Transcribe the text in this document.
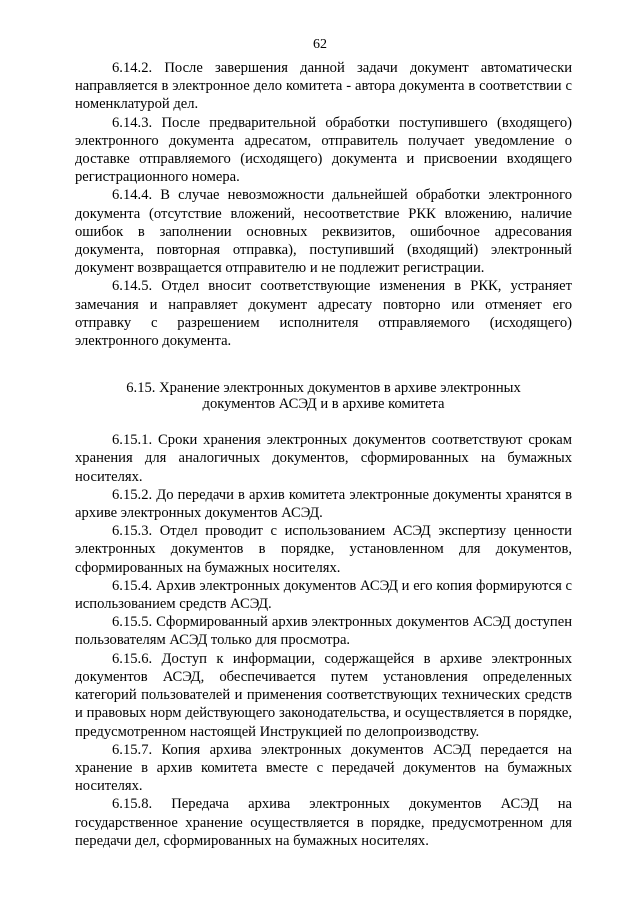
62

6.14.2. После завершения данной задачи документ автоматически направляется в электронное дело комитета - автора документа в соответствии с номенклатурой дел.

6.14.3. После предварительной обработки поступившего (входящего) электронного документа адресатом, отправитель получает уведомление о доставке отправляемого (исходящего) документа и присвоении входящего регистрационного номера.

6.14.4. В случае невозможности дальнейшей обработки электронного документа (отсутствие вложений, несоответствие РКК вложению, наличие ошибок в заполнении основных реквизитов, ошибочное адресования документа, повторная отправка), поступивший (входящий) электронный документ возвращается отправителю и не подлежит регистрации.

6.14.5. Отдел вносит соответствующие изменения в РКК, устраняет замечания и направляет документ адресату повторно или отменяет его отправку с разрешением исполнителя отправляемого (исходящего) электронного документа.

6.15. Хранение электронных документов в архиве электронных
документов АСЭД и в архиве комитета

6.15.1. Сроки хранения электронных документов соответствуют срокам хранения для аналогичных документов, сформированных на бумажных носителях.

6.15.2. До передачи в архив комитета электронные документы хранятся в архиве электронных документов АСЭД.

6.15.3. Отдел проводит с использованием АСЭД экспертизу ценности электронных документов в порядке, установленном для документов, сформированных на бумажных носителях.

6.15.4. Архив электронных документов АСЭД и его копия формируются с использованием средств АСЭД.

6.15.5. Сформированный архив электронных документов АСЭД доступен пользователям АСЭД только для просмотра.

6.15.6. Доступ к информации, содержащейся в архиве электронных документов АСЭД, обеспечивается путем установления определенных категорий пользователей и применения соответствующих технических средств и правовых норм действующего законодательства, и осуществляется в порядке, предусмотренном настоящей Инструкцией по делопроизводству.

6.15.7. Копия архива электронных документов АСЭД передается на хранение в архив комитета вместе с передачей документов на бумажных носителях.

6.15.8. Передача архива электронных документов АСЭД на государственное хранение осуществляется в порядке, предусмотренном для передачи дел, сформированных на бумажных носителях.
